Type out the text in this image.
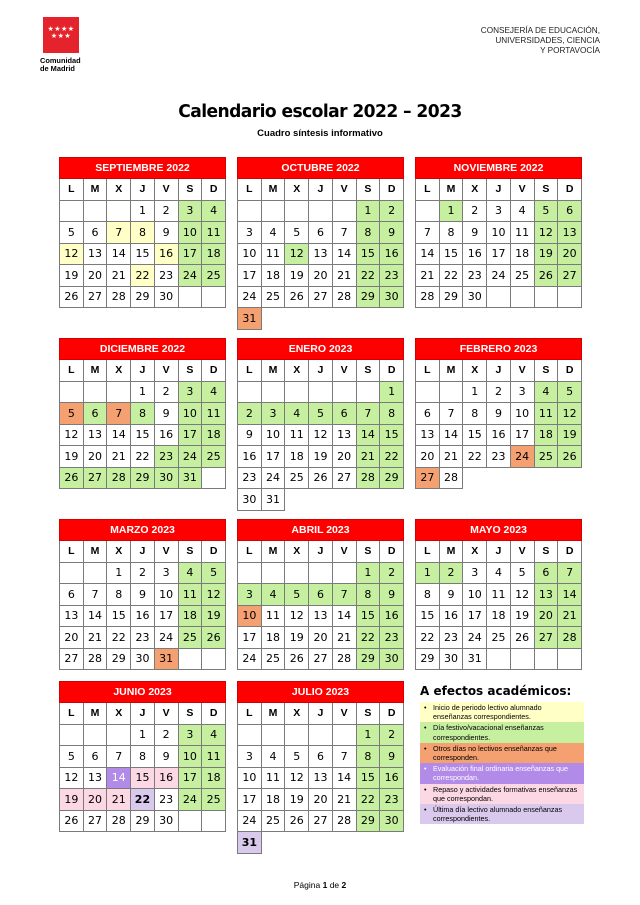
★★★★ ★★★
Comunidad
de Madrid
CONSEJERÍA DE EDUCACIÓN,
UNIVERSIDADES, CIENCIA
Y PORTAVOCÍA
Calendario escolar 2022 – 2023
Cuadro síntesis informativo
SEPTIEMBRE 2022						
L	M	X	J	V	S	D
			1	2	3	4
5	6	7	8	9	10	11
12	13	14	15	16	17	18
19	20	21	22	23	24	25
26	27	28	29	30		
OCTUBRE 2022						
L	M	X	J	V	S	D
					1	2
3	4	5	6	7	8	9
10	11	12	13	14	15	16
17	18	19	20	21	22	23
24	25	26	27	28	29	30
31						
NOVIEMBRE 2022						
L	M	X	J	V	S	D
	1	2	3	4	5	6
7	8	9	10	11	12	13
14	15	16	17	18	19	20
21	22	23	24	25	26	27
28	29	30				
DICIEMBRE 2022						
L	M	X	J	V	S	D
			1	2	3	4
5	6	7	8	9	10	11
12	13	14	15	16	17	18
19	20	21	22	23	24	25
26	27	28	29	30	31	
ENERO 2023						
L	M	X	J	V	S	D
						1
2	3	4	5	6	7	8
9	10	11	12	13	14	15
16	17	18	19	20	21	22
23	24	25	26	27	28	29
30	31					
FEBRERO 2023						
L	M	X	J	V	S	D
		1	2	3	4	5
6	7	8	9	10	11	12
13	14	15	16	17	18	19
20	21	22	23	24	25	26
27	28					
MARZO 2023						
L	M	X	J	V	S	D
		1	2	3	4	5
6	7	8	9	10	11	12
13	14	15	16	17	18	19
20	21	22	23	24	25	26
27	28	29	30	31		
ABRIL 2023						
L	M	X	J	V	S	D
					1	2
3	4	5	6	7	8	9
10	11	12	13	14	15	16
17	18	19	20	21	22	23
24	25	26	27	28	29	30
MAYO 2023						
L	M	X	J	V	S	D
1	2	3	4	5	6	7
8	9	10	11	12	13	14
15	16	17	18	19	20	21
22	23	24	25	26	27	28
29	30	31				
JUNIO 2023						
L	M	X	J	V	S	D
			1	2	3	4
5	6	7	8	9	10	11
12	13	14	15	16	17	18
19	20	21	22	23	24	25
26	27	28	29	30		
JULIO 2023						
L	M	X	J	V	S	D
					1	2
3	4	5	6	7	8	9
10	11	12	13	14	15	16
17	18	19	20	21	22	23
24	25	26	27	28	29	30
31						
A efectos académicos:
• Inicio de periodo lectivo alumnado enseñanzas correspondientes.
• Día festivo/vacacional enseñanzas correspondientes.
• Otros días no lectivos enseñanzas que corresponden.
• Evaluación final ordinaria enseñanzas que correspondan.
• Repaso y actividades formativas enseñanzas que correspondan.
• Última día lectivo alumnado enseñanzas correspondientes.
Página 1 de 2
